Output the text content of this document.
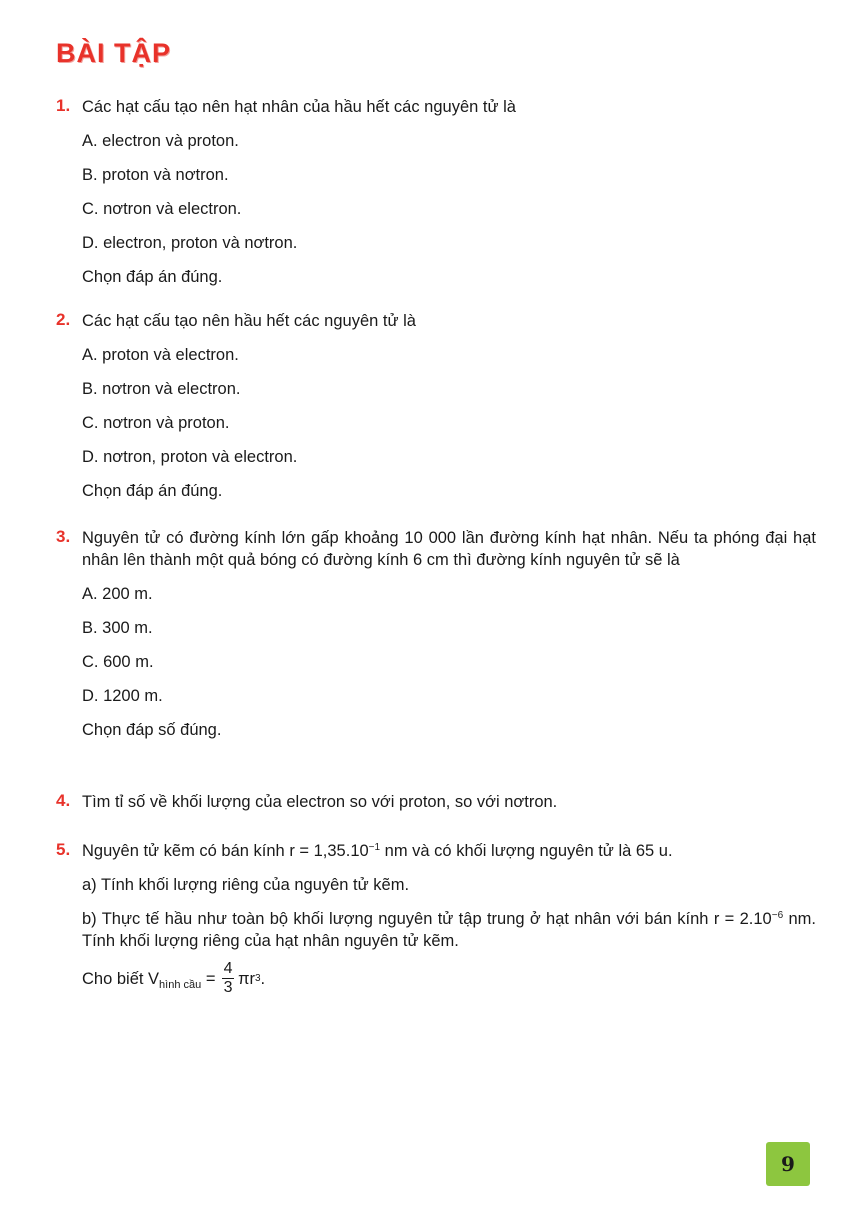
BÀI TẬP
1. Các hạt cấu tạo nên hạt nhân của hầu hết các nguyên tử là
A. electron và proton.
B. proton và nơtron.
C. nơtron và electron.
D. electron, proton và nơtron.
Chọn đáp án đúng.
2. Các hạt cấu tạo nên hầu hết các nguyên tử là
A. proton và electron.
B. nơtron và electron.
C. nơtron và proton.
D. nơtron, proton và electron.
Chọn đáp án đúng.
3. Nguyên tử có đường kính lớn gấp khoảng 10 000 lần đường kính hạt nhân. Nếu ta phóng đại hạt nhân lên thành một quả bóng có đường kính 6 cm thì đường kính nguyên tử sẽ là
A. 200 m.
B. 300 m.
C. 600 m.
D. 1200 m.
Chọn đáp số đúng.
4. Tìm tỉ số về khối lượng của electron so với proton, so với nơtron.
5. Nguyên tử kẽm có bán kính $r = 1,35.10^{-1}$ nm và có khối lượng nguyên tử là 65 u.
a) Tính khối lượng riêng của nguyên tử kẽm.
b) Thực tế hầu như toàn bộ khối lượng nguyên tử tập trung ở hạt nhân với bán kính $r = 2.10^{-6}$ nm. Tính khối lượng riêng của hạt nhân nguyên tử kẽm.
Cho biết V hình cầu = $\frac{4}{3}$ πr 3 .
9
